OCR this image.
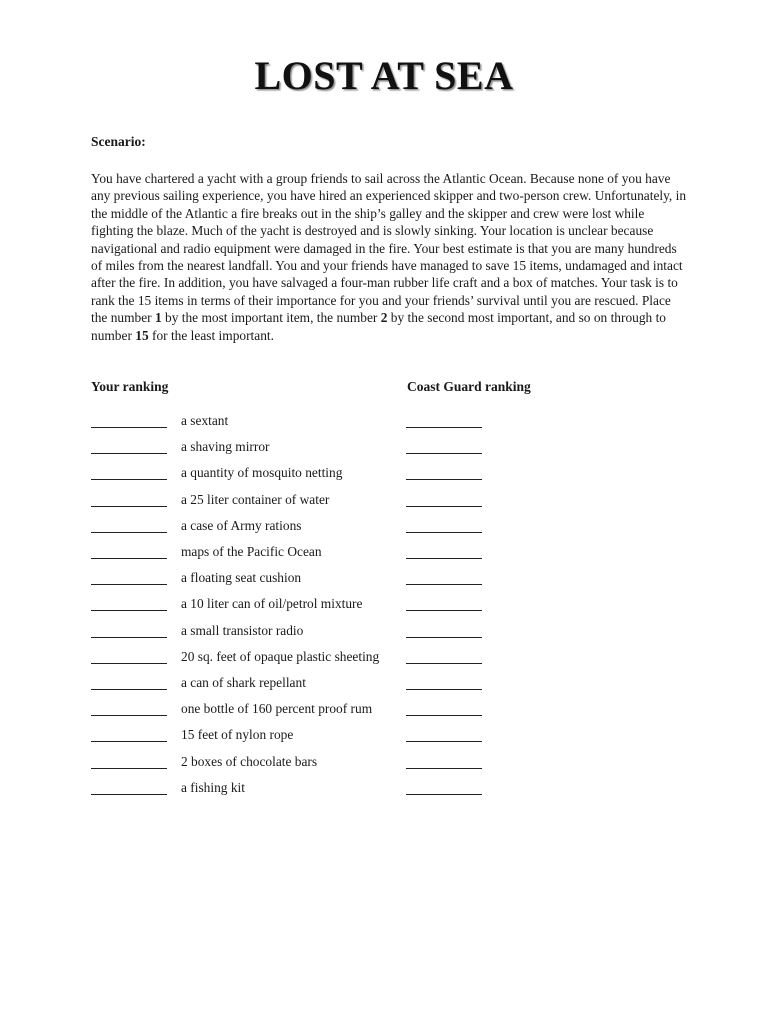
LOST AT SEA
Scenario:
You have chartered a yacht with a group friends to sail across the Atlantic Ocean. Because none of you have any previous sailing experience, you have hired an experienced skipper and two-person crew. Unfortunately, in the middle of the Atlantic a fire breaks out in the ship’s galley and the skipper and crew were lost while fighting the blaze. Much of the yacht is destroyed and is slowly sinking. Your location is unclear because navigational and radio equipment were damaged in the fire. Your best estimate is that you are many hundreds of miles from the nearest landfall. You and your friends have managed to save 15 items, undamaged and intact after the fire. In addition, you have salvaged a four-man rubber life craft and a box of matches. Your task is to rank the 15 items in terms of their importance for you and your friends’ survival until you are rescued. Place the number 1 by the most important item, the number 2 by the second most important, and so on through to number 15 for the least important.
Your ranking	Coast Guard ranking
a sextant
a shaving mirror
a quantity of mosquito netting
a 25 liter container of water
a case of Army rations
maps of the Pacific Ocean
a floating seat cushion
a 10 liter can of oil/petrol mixture
a small transistor radio
20 sq. feet of opaque plastic sheeting
a can of shark repellant
one bottle of 160 percent proof rum
15 feet of nylon rope
2 boxes of chocolate bars
a fishing kit
